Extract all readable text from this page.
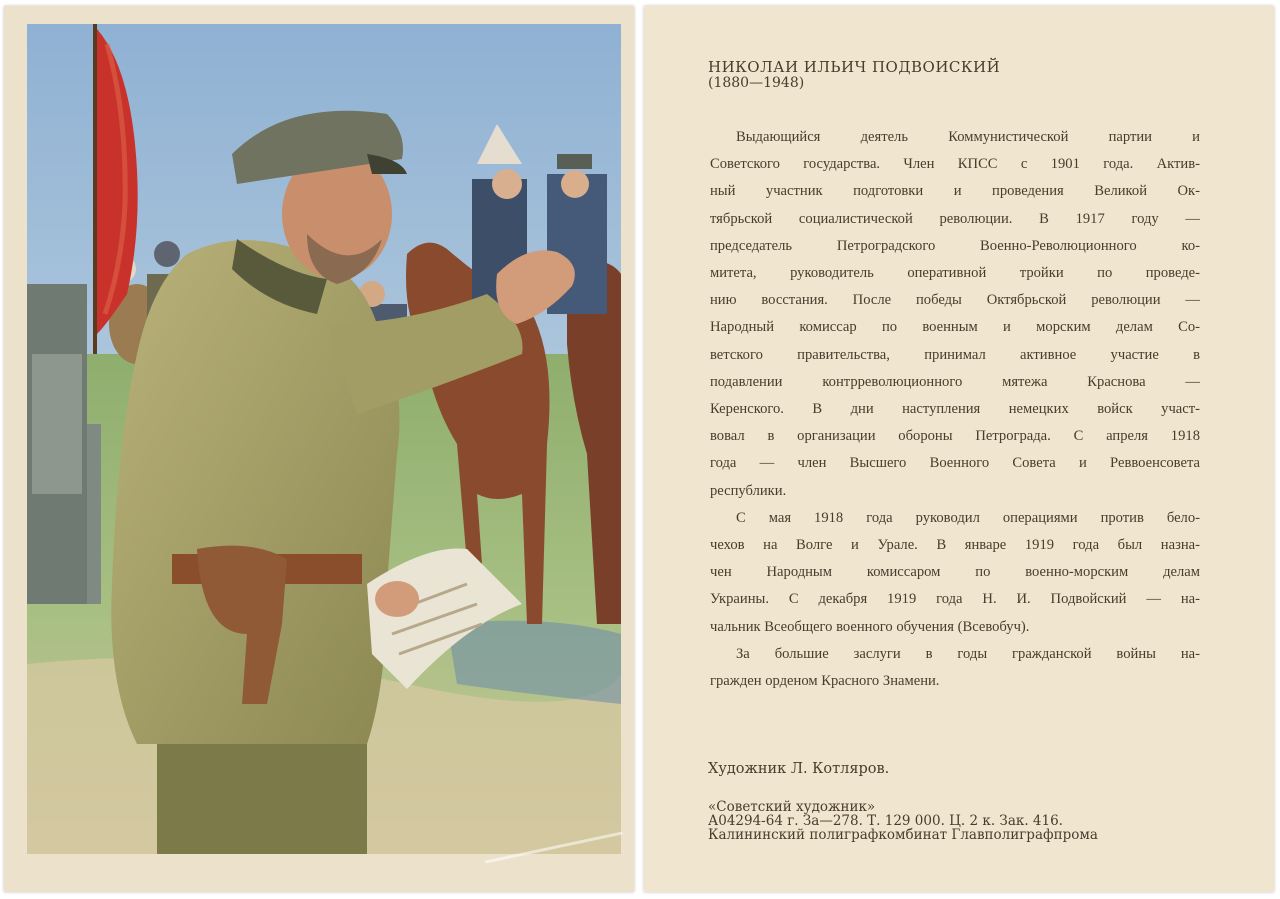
НИКОЛАИ ИЛЬИЧ ПОДВОИСКИЙ
(1880—1948)
Выдающийся деятель Коммунистической партии и
Советского государства. Член КПСС с 1901 года. Актив-
ный участник подготовки и проведения Великой Ок-
тябрьской социалистической революции. В 1917 году —
председатель Петроградского Военно-Революционного ко-
митета, руководитель оперативной тройки по проведе-
нию восстания. После победы Октябрьской революции —
Народный комиссар по военным и морским делам Со-
ветского правительства, принимал активное участие в
подавлении контрреволюционного мятежа Краснова —
Керенского. В дни наступления немецких войск участ-
вовал в организации обороны Петрограда. С апреля 1918
года — член Высшего Военного Совета и Реввоенсовета
республики.
С мая 1918 года руководил операциями против бело-
чехов на Волге и Урале. В январе 1919 года был назна-
чен Народным комиссаром по военно-морским делам
Украины. С декабря 1919 года Н. И. Подвойский — на-
чальник Всеобщего военного обучения (Всевобуч).
За большие заслуги в годы гражданской войны на-
гражден орденом Красного Знамени.
Художник Л. Котляров.
«Советский художник»
А04294-64 г. За—278. Т. 129 000. Ц. 2 к. Зак. 416.
Калининский полиграфкомбинат Главполиграфпрома
